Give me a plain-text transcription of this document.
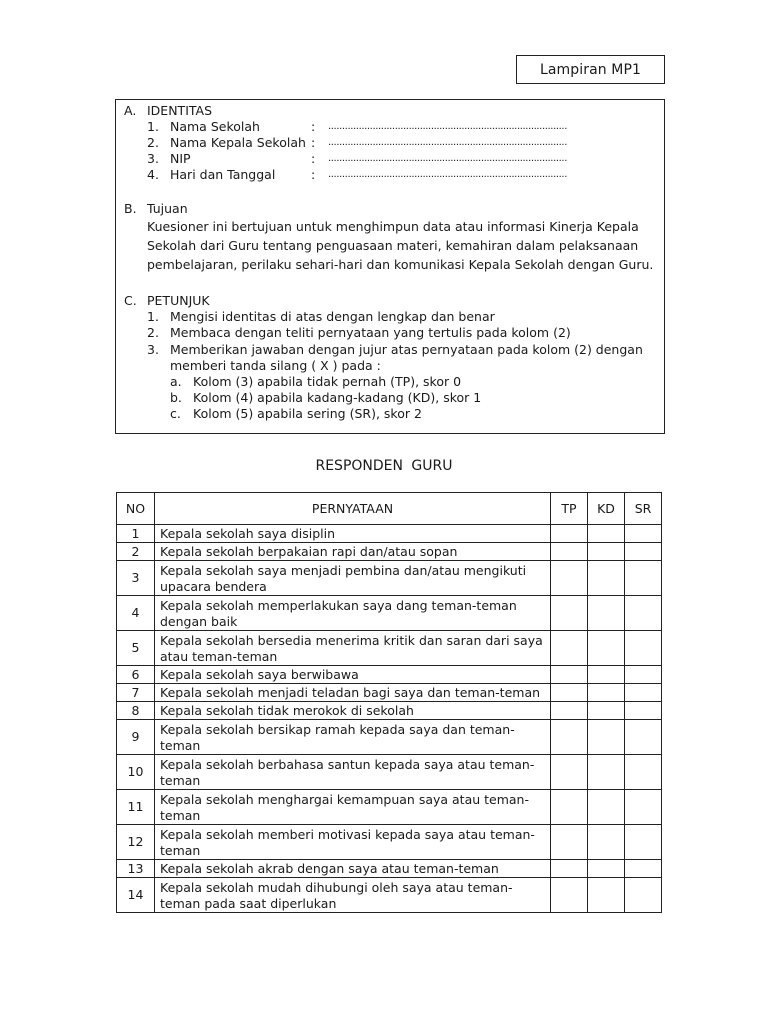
Lampiran MP1
A. IDENTITAS
1. Nama Sekolah	: ......................................................................................
2. Nama Kepala Sekolah : ......................................................................................
3. NIP	: ......................................................................................
4. Hari dan Tanggal	: ......................................................................................
B. Tujuan
Kuesioner ini bertujuan untuk menghimpun data atau informasi Kinerja Kepala
Sekolah dari Guru tentang penguasaan materi, kemahiran dalam pelaksanaan
pembelajaran, perilaku sehari-hari dan komunikasi Kepala Sekolah dengan Guru.
C. PETUNJUK
1. Mengisi identitas di atas dengan lengkap dan benar
2. Membaca dengan teliti pernyataan yang tertulis pada kolom (2)
3. Memberikan jawaban dengan jujur atas pernyataan pada kolom (2) dengan
memberi tanda silang ( X ) pada :
a. Kolom (3) apabila tidak pernah (TP), skor 0
b. Kolom (4) apabila kadang-kadang (KD), skor 1
c. Kolom (5) apabila sering (SR), skor 2
RESPONDEN GURU
NO	PERNYATAAN	TP	KD	SR
1	Kepala sekolah saya disiplin			
2	Kepala sekolah berpakaian rapi dan/atau sopan			
3	Kepala sekolah saya menjadi pembina dan/atau mengikuti upacara bendera			
4	Kepala sekolah memperlakukan saya dang teman-teman dengan baik			
5	Kepala sekolah bersedia menerima kritik dan saran dari saya atau teman-teman			
6	Kepala sekolah saya berwibawa			
7	Kepala sekolah menjadi teladan bagi saya dan teman-teman			
8	Kepala sekolah tidak merokok di sekolah			
9	Kepala sekolah bersikap ramah kepada saya dan teman-teman			
10	Kepala sekolah berbahasa santun kepada saya atau teman-teman			
11	Kepala sekolah menghargai kemampuan saya atau teman-teman			
12	Kepala sekolah memberi motivasi kepada saya atau teman-teman			
13	Kepala sekolah akrab dengan saya atau teman-teman			
14	Kepala sekolah mudah dihubungi oleh saya atau teman-teman pada saat diperlukan			
